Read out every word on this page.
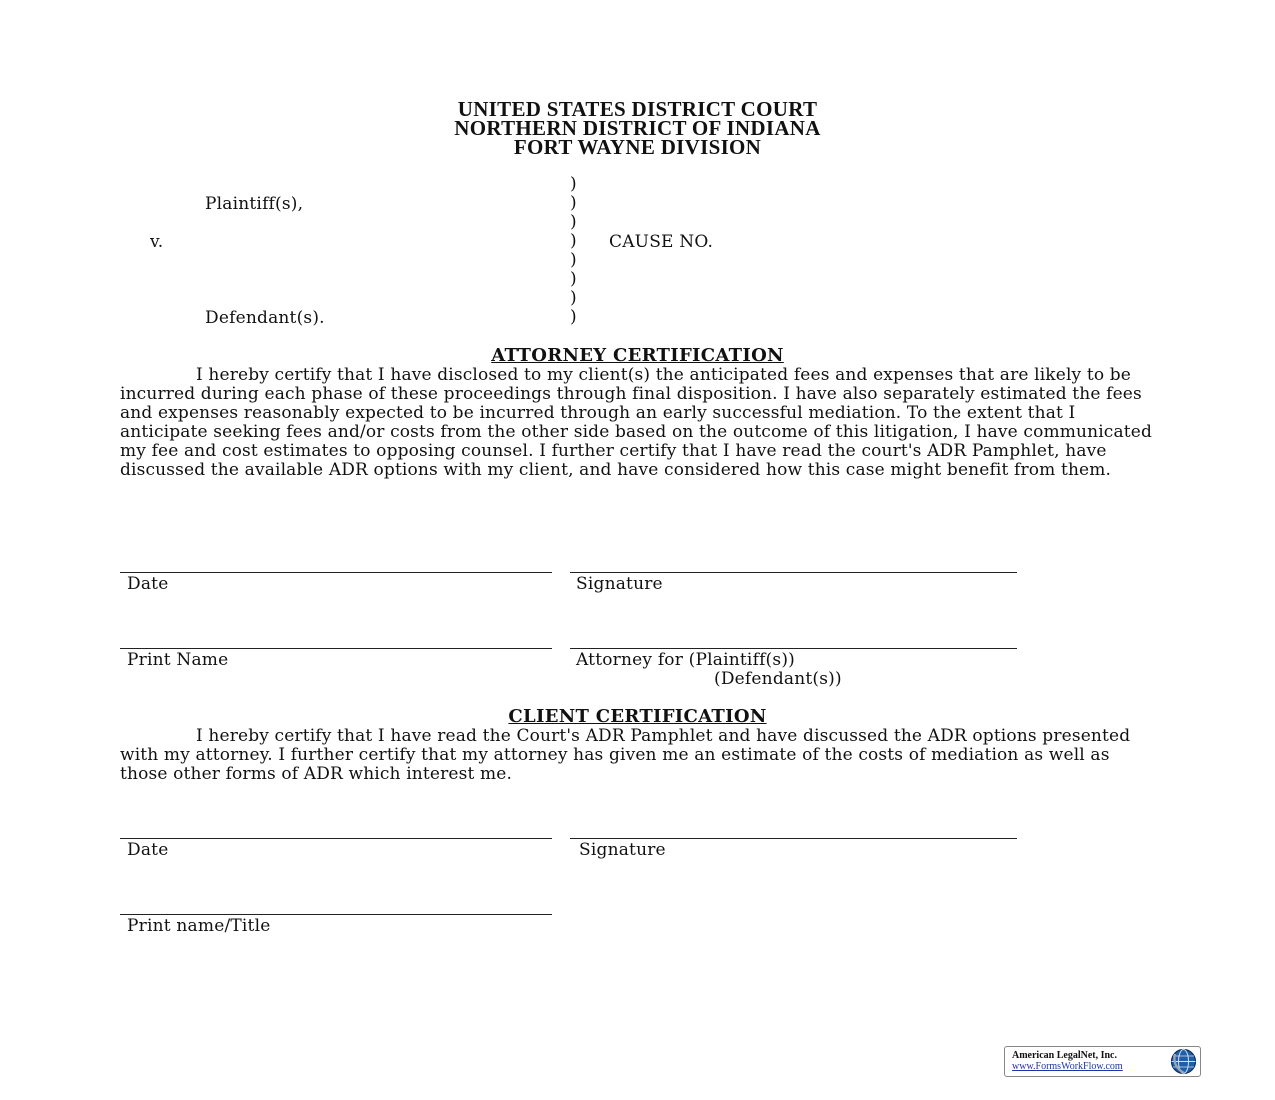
UNITED STATES DISTRICT COURT
NORTHERN DISTRICT OF INDIANA
FORT WAYNE DIVISION
Plaintiff(s),
v.
Defendant(s).
)
)
)
)
)
)
)
)
CAUSE NO.
ATTORNEY CERTIFICATION

I hereby certify that I have disclosed to my client(s) the anticipated fees and expenses that are likely to be incurred during each phase of these proceedings through final disposition. I have also separately estimated the fees and expenses reasonably expected to be incurred through an early successful mediation. To the extent that I anticipate seeking fees and/or costs from the other side based on the outcome of this litigation, I have communicated my fee and cost estimates to opposing counsel. I further certify that I have read the court's ADR Pamphlet, have discussed the available ADR options with my client, and have considered how this case might benefit from them.

Date	Signature
Print Name	Attorney for (Plaintiff(s))
(Defendant(s))
CLIENT CERTIFICATION

I hereby certify that I have read the Court's ADR Pamphlet and have discussed the ADR options presented with my attorney. I further certify that my attorney has given me an estimate of the costs of mediation as well as those other forms of ADR which interest me.

Date	Signature
Print name/Title
American LegalNet, Inc.
www.FormsWorkFlow.com
